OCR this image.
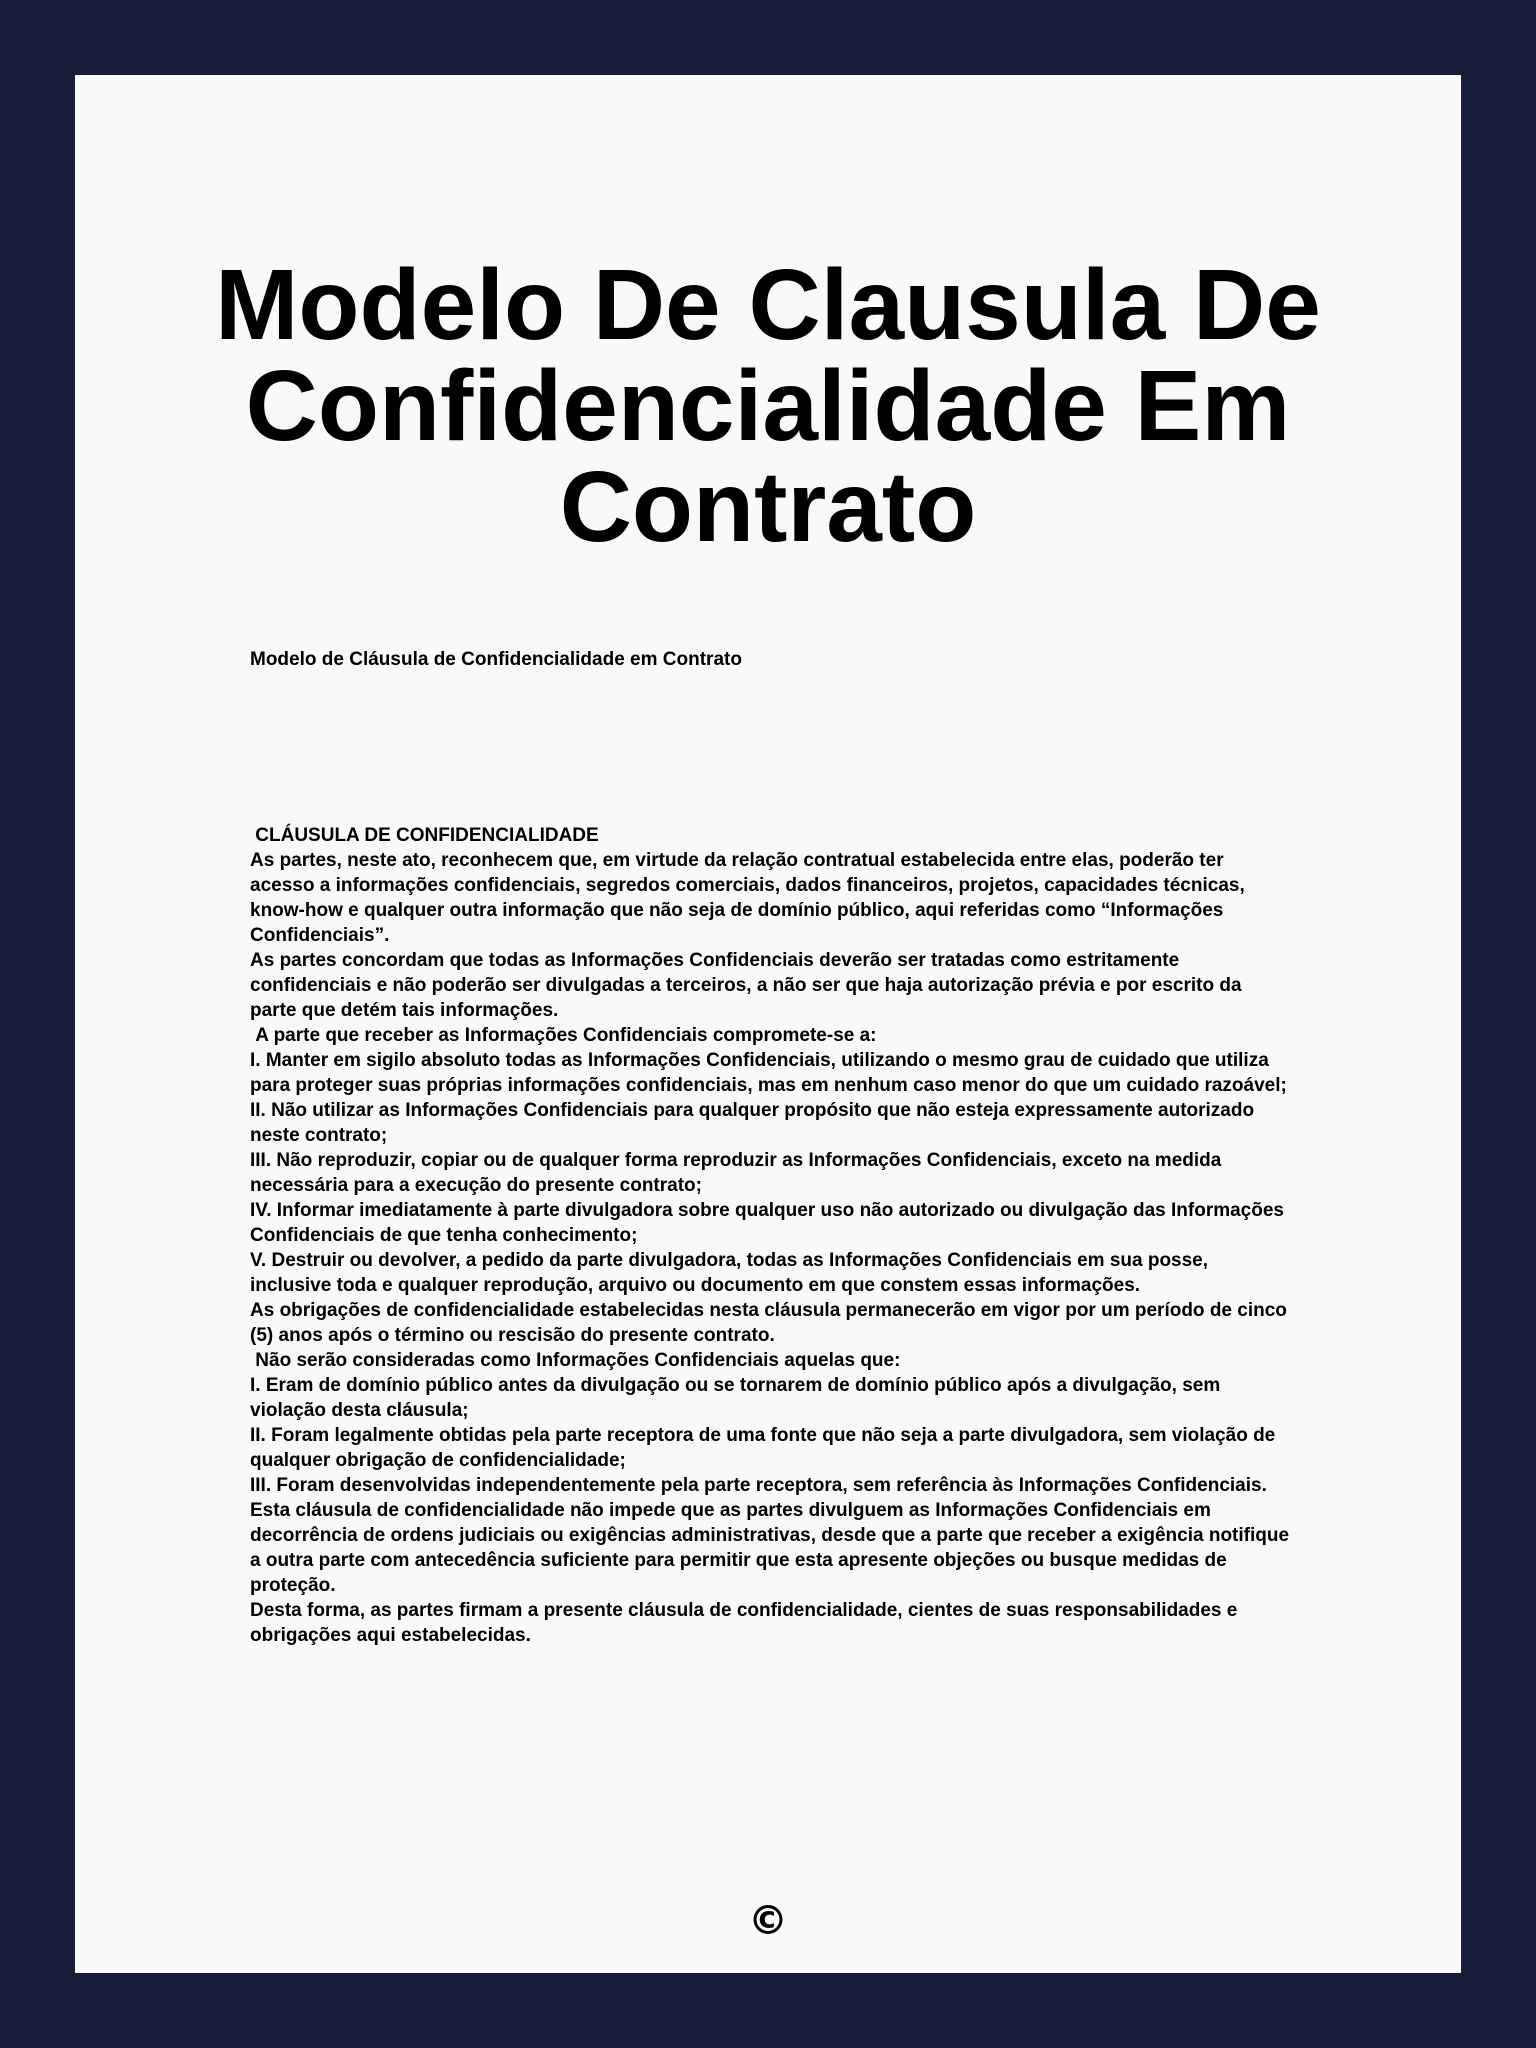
Modelo De Clausula De Confidencialidade Em Contrato

Modelo de Cláusula de Confidencialidade em Contrato

CLÁUSULA DE CONFIDENCIALIDADE

As partes, neste ato, reconhecem que, em virtude da relação contratual estabelecida entre elas, poderão ter acesso a informações confidenciais, segredos comerciais, dados financeiros, projetos, capacidades técnicas, know-how e qualquer outra informação que não seja de domínio público, aqui referidas como “Informações Confidenciais”.

As partes concordam que todas as Informações Confidenciais deverão ser tratadas como estritamente confidenciais e não poderão ser divulgadas a terceiros, a não ser que haja autorização prévia e por escrito da parte que detém tais informações.

A parte que receber as Informações Confidenciais compromete-se a:

I. Manter em sigilo absoluto todas as Informações Confidenciais, utilizando o mesmo grau de cuidado que utiliza para proteger suas próprias informações confidenciais, mas em nenhum caso menor do que um cuidado razoável;

II. Não utilizar as Informações Confidenciais para qualquer propósito que não esteja expressamente autorizado neste contrato;

III. Não reproduzir, copiar ou de qualquer forma reproduzir as Informações Confidenciais, exceto na medida necessária para a execução do presente contrato;

IV. Informar imediatamente à parte divulgadora sobre qualquer uso não autorizado ou divulgação das Informações Confidenciais de que tenha conhecimento;

V. Destruir ou devolver, a pedido da parte divulgadora, todas as Informações Confidenciais em sua posse, inclusive toda e qualquer reprodução, arquivo ou documento em que constem essas informações.

As obrigações de confidencialidade estabelecidas nesta cláusula permanecerão em vigor por um período de cinco (5) anos após o término ou rescisão do presente contrato.

Não serão consideradas como Informações Confidenciais aquelas que:

I. Eram de domínio público antes da divulgação ou se tornarem de domínio público após a divulgação, sem violação desta cláusula;

II. Foram legalmente obtidas pela parte receptora de uma fonte que não seja a parte divulgadora, sem violação de qualquer obrigação de confidencialidade;

III. Foram desenvolvidas independentemente pela parte receptora, sem referência às Informações Confidenciais.

Esta cláusula de confidencialidade não impede que as partes divulguem as Informações Confidenciais em decorrência de ordens judiciais ou exigências administrativas, desde que a parte que receber a exigência notifique a outra parte com antecedência suficiente para permitir que esta apresente objeções ou busque medidas de proteção.

Desta forma, as partes firmam a presente cláusula de confidencialidade, cientes de suas responsabilidades e obrigações aqui estabelecidas.

©
